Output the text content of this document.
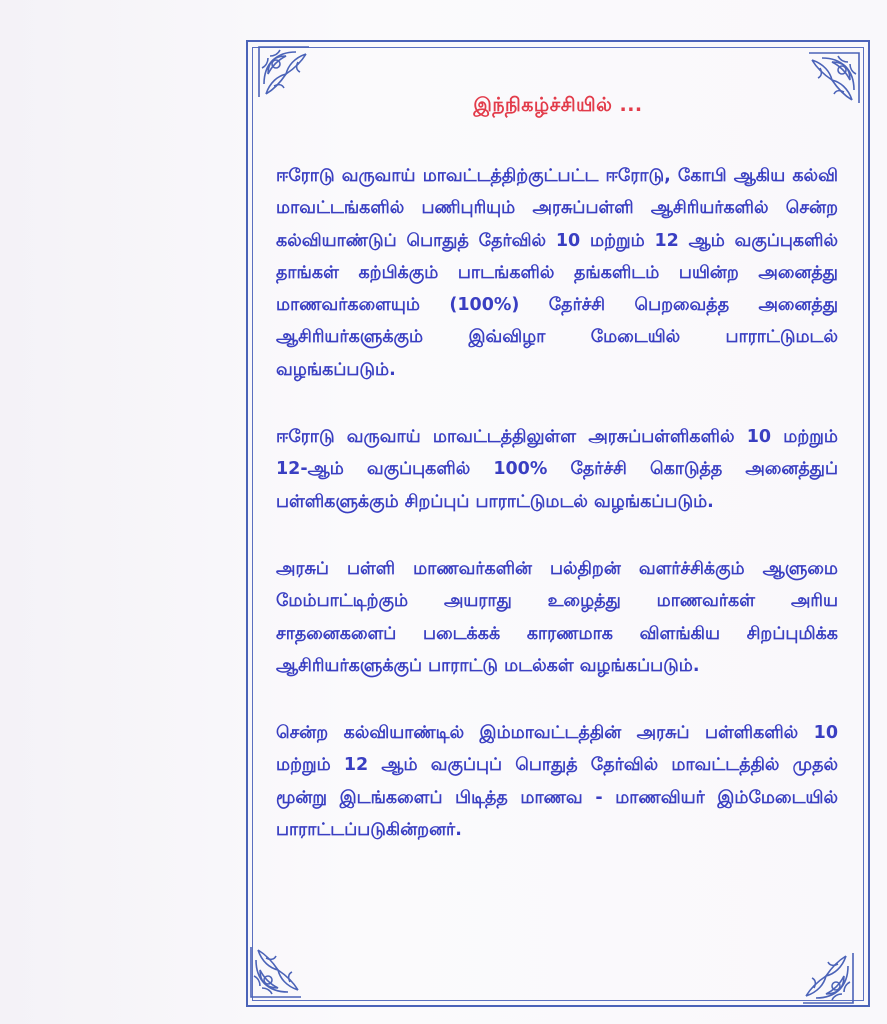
இந்நிகழ்ச்சியில் ...

ஈரோடு வருவாய் மாவட்டத்திற்குட்பட்ட ஈரோடு, கோபி ஆகிய கல்வி மாவட்டங்களில் பணிபுரியும் அரசுப்பள்ளி ஆசிரியர்களில் சென்ற கல்வியாண்டுப் பொதுத் தேர்வில் 10 மற்றும் 12 ஆம் வகுப்புகளில் தாங்கள் கற்பிக்கும் பாடங்களில் தங்களிடம் பயின்ற அனைத்து மாணவர்களையும் (100%) தேர்ச்சி பெறவைத்த அனைத்து ஆசிரியர்களுக்கும் இவ்விழா மேடையில் பாராட்டுமடல் வழங்கப்படும்.

ஈரோடு வருவாய் மாவட்டத்திலுள்ள அரசுப்பள்ளிகளில் 10 மற்றும் 12-ஆம் வகுப்புகளில் 100% தேர்ச்சி கொடுத்த அனைத்துப் பள்ளிகளுக்கும் சிறப்புப் பாராட்டுமடல் வழங்கப்படும்.

அரசுப் பள்ளி மாணவர்களின் பல்திறன் வளர்ச்சிக்கும் ஆளுமை மேம்பாட்டிற்கும் அயராது உழைத்து மாணவர்கள் அரிய சாதனைகளைப் படைக்கக் காரணமாக விளங்கிய சிறப்புமிக்க ஆசிரியர்களுக்குப் பாராட்டு மடல்கள் வழங்கப்படும்.

சென்ற கல்வியாண்டில் இம்மாவட்டத்தின் அரசுப் பள்ளிகளில் 10 மற்றும் 12 ஆம் வகுப்புப் பொதுத் தேர்வில் மாவட்டத்தில் முதல் மூன்று இடங்களைப் பிடித்த மாணவ - மாணவியர் இம்மேடையில் பாராட்டப்படுகின்றனர்.
